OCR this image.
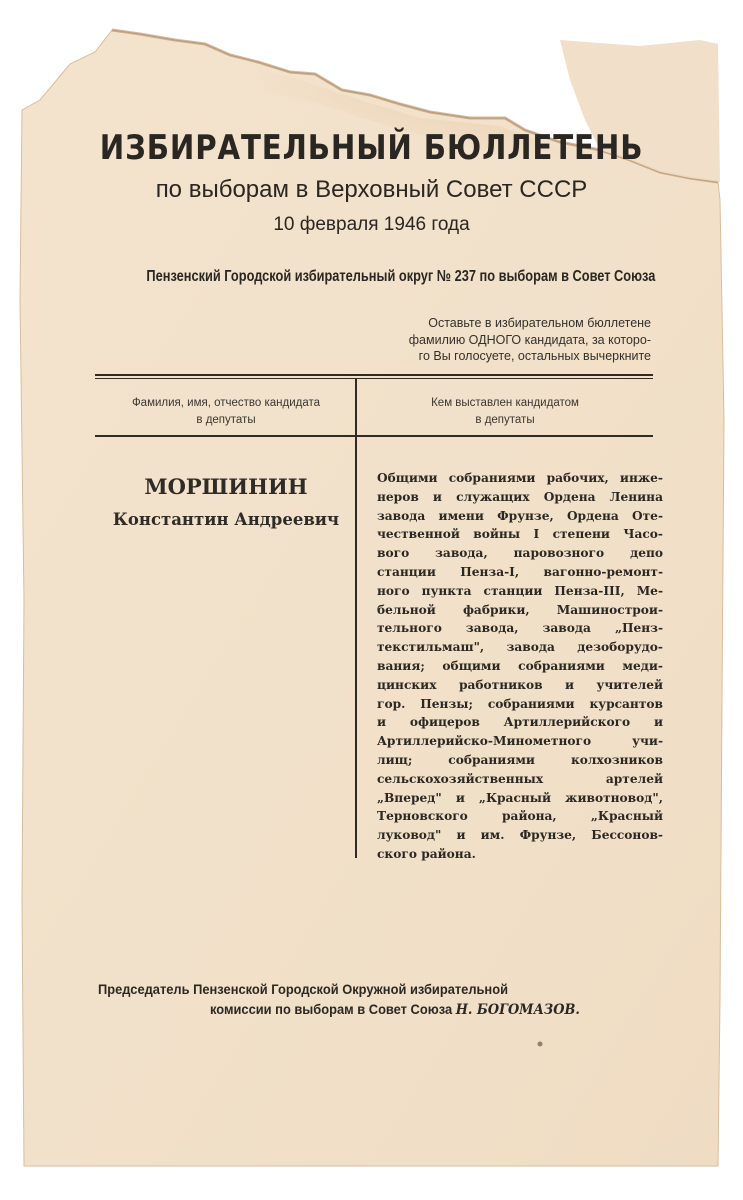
ИЗБИРАТЕЛЬНЫЙ БЮЛЛЕТЕНЬ
по выборам в Верховный Совет СССР
10 февраля 1946 года
Пензенский Городской избирательный округ № 237 по выборам в Совет Союза
Оставьте в избирательном бюллетене
фамилию ОДНОГО кандидата, за которо-
го Вы голосуете, остальных вычеркните
Фамилия, имя, отчество кандидата
в депутаты
Кем выставлен кандидатом
в депутаты
МОРШИНИН
Константин Андреевич
Общими собраниями рабочих, инже-
неров и служащих Ордена Ленина
завода имени Фрунзе, Ордена Оте-
чественной войны I степени Часо-
вого завода, паровозного депо
станции Пенза-I, вагонно-ремонт-
ного пункта станции Пенза-III, Ме-
бельной фабрики, Машинострои-
тельного завода, завода „Пенз-
текстильмаш", завода дезоборудо-
вания; общими собраниями меди-
цинских работников и учителей
гор. Пензы; собраниями курсантов
и офицеров Артиллерийского и
Артиллерийско-Минометного учи-
лищ; собраниями колхозников
сельскохозяйственных артелей
„Вперед" и „Красный животновод",
Терновского района, „Красный
луковод" и им. Фрунзе, Бессонов-
ского района.
Председатель Пензенской Городской Окружной избирательной
комиссии по выборам в Совет Союза Н. БОГОМАЗОВ.
